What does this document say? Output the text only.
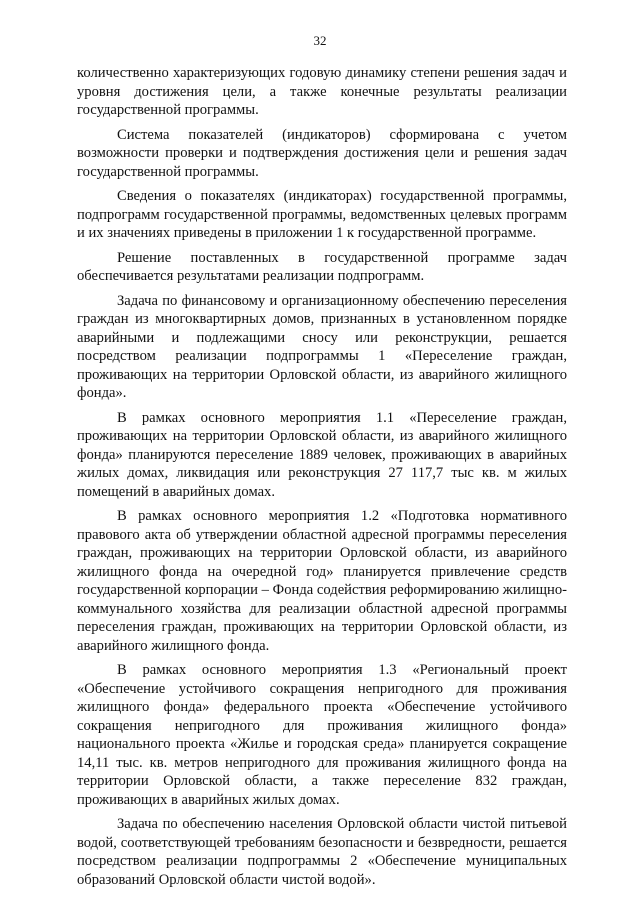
32

количественно характеризующих годовую динамику степени решения задач и уровня достижения цели, а также конечные результаты реализации государственной программы.

Система показателей (индикаторов) сформирована с учетом возможности проверки и подтверждения достижения цели и решения задач государственной программы.

Сведения о показателях (индикаторах) государственной программы, подпрограмм государственной программы, ведомственных целевых программ и их значениях приведены в приложении 1 к государственной программе.

Решение поставленных в государственной программе задач обеспечивается результатами реализации подпрограмм.

Задача по финансовому и организационному обеспечению переселения граждан из многоквартирных домов, признанных в установленном порядке аварийными и подлежащими сносу или реконструкции, решается посредством реализации подпрограммы 1 «Переселение граждан, проживающих на территории Орловской области, из аварийного жилищного фонда».

В рамках основного мероприятия 1.1 «Переселение граждан, проживающих на территории Орловской области, из аварийного жилищного фонда» планируются переселение 1889 человек, проживающих в аварийных жилых домах, ликвидация или реконструкция 27 117,7 тыс кв. м жилых помещений в аварийных домах.

В рамках основного мероприятия 1.2 «Подготовка нормативного правового акта об утверждении областной адресной программы переселения граждан, проживающих на территории Орловской области, из аварийного жилищного фонда на очередной год» планируется привлечение средств государственной корпорации – Фонда содействия реформированию жилищно-коммунального хозяйства для реализации областной адресной программы переселения граждан, проживающих на территории Орловской области, из аварийного жилищного фонда.

В рамках основного мероприятия 1.3 «Региональный проект «Обеспечение устойчивого сокращения непригодного для проживания жилищного фонда» федерального проекта «Обеспечение устойчивого сокращения непригодного для проживания жилищного фонда» национального проекта «Жилье и городская среда» планируется сокращение 14,11 тыс. кв. метров непригодного для проживания жилищного фонда на территории Орловской области, а также переселение 832 граждан, проживающих в аварийных жилых домах.

Задача по обеспечению населения Орловской области чистой питьевой водой, соответствующей требованиям безопасности и безвредности, решается посредством реализации подпрограммы 2 «Обеспечение муниципальных образований Орловской области чистой водой».
